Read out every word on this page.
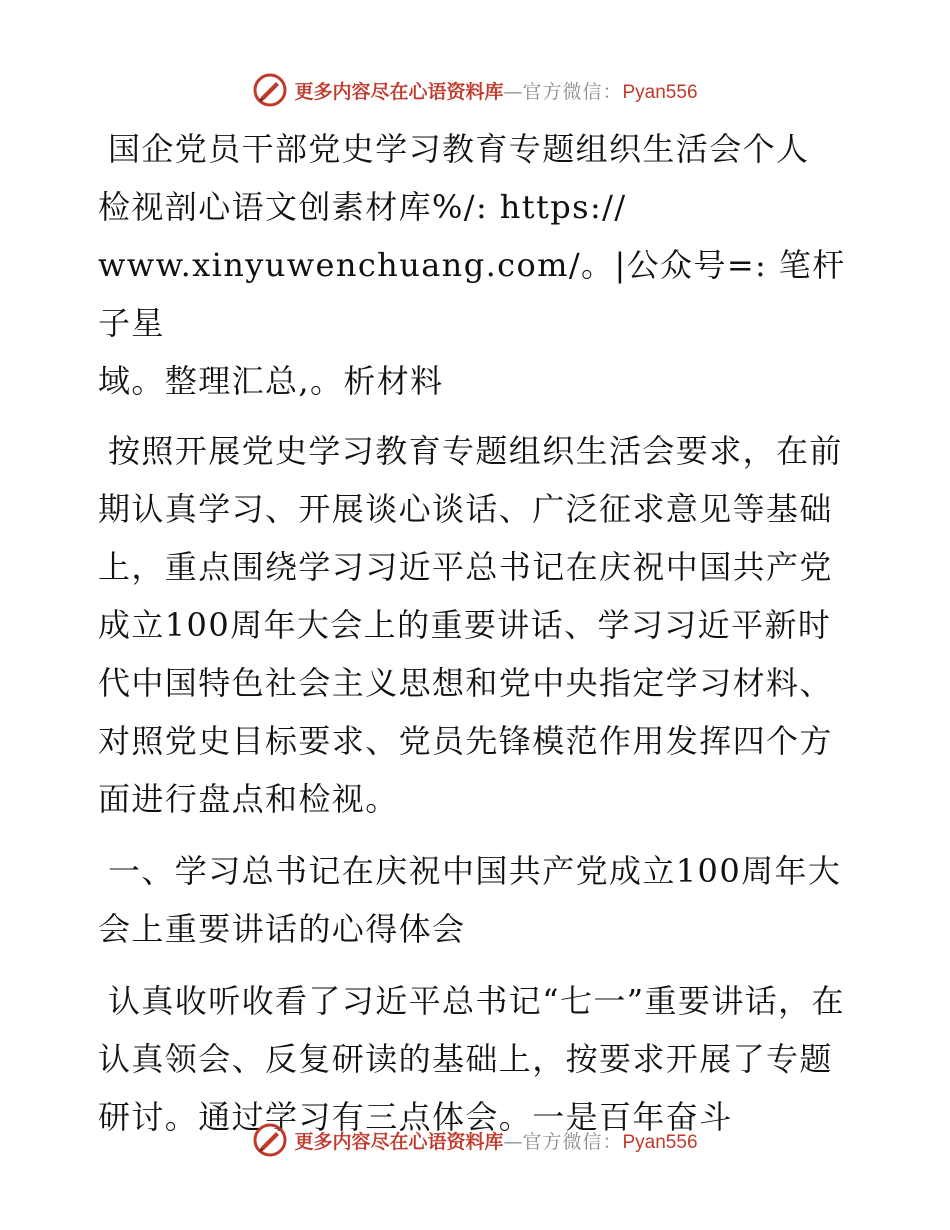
更多内容尽在心语资料库—官方微信：Pyan556
国企党员干部党史学习教育专题组织生活会个人
检视剖心语文创素材库%/: https://
www.xinyuwenchuang.com/。|公众号=: 笔杆子星
域。整理汇总,。析材料

按照开展党史学习教育专题组织生活会要求，在前期认真学习、开展谈心谈话、广泛征求意见等基础上，重点围绕学习习近平总书记在庆祝中国共产党成立100周年大会上的重要讲话、学习习近平新时代中国特色社会主义思想和党中央指定学习材料、对照党史目标要求、党员先锋模范作用发挥四个方面进行盘点和检视。

一、学习总书记在庆祝中国共产党成立100周年大会上重要讲话的心得体会

认真收听收看了习近平总书记“七一”重要讲话，在认真领会、反复研读的基础上，按要求开展了专题研讨。通过学习有三点体会。一是百年奋斗

更多内容尽在心语资料库—官方微信：Pyan556
